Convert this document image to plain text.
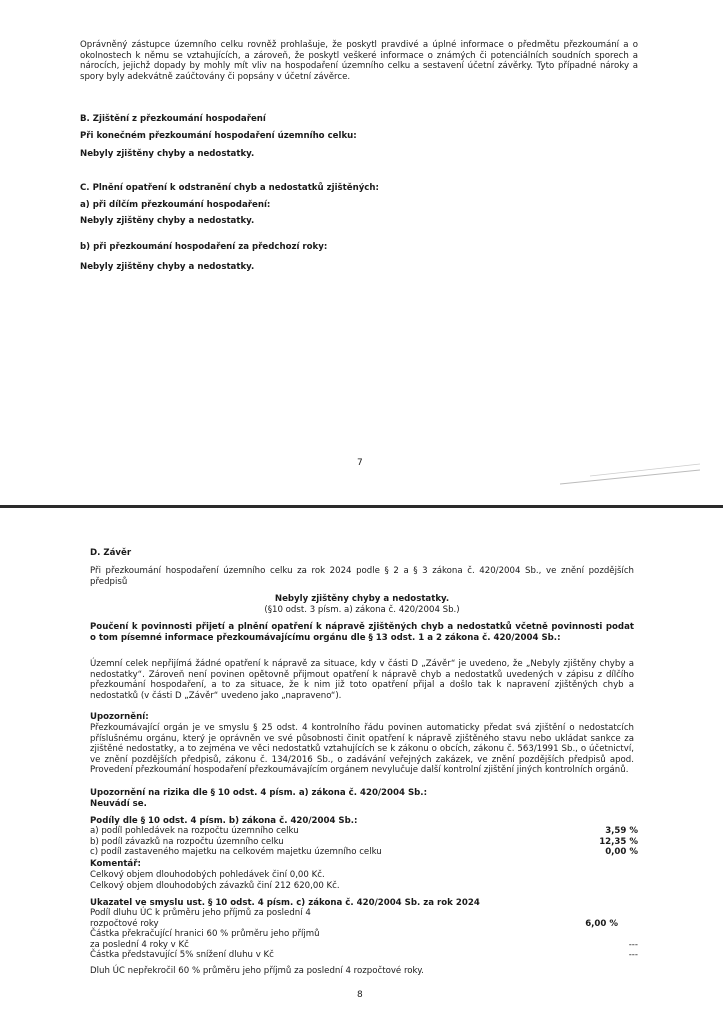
Oprávněný zástupce územního celku rovněž prohlašuje, že poskytl pravdivé a úplné informace o předmětu přezkoumání a o okolnostech k němu se vztahujících, a zároveň, že poskytl veškeré informace o známých či potenciálních soudních sporech a nárocích, jejichž dopady by mohly mít vliv na hospodaření územního celku a sestavení účetní závěrky. Tyto případné nároky a spory byly adekvátně zaúčtovány či popsány v účetní závěrce.
B. Zjištění z přezkoumání hospodaření
Při konečném přezkoumání hospodaření územního celku:
Nebyly zjištěny chyby a nedostatky.
C. Plnění opatření k odstranění chyb a nedostatků zjištěných:
a) při dílčím přezkoumání hospodaření:
Nebyly zjištěny chyby a nedostatky.
b) při přezkoumání hospodaření za předchozí roky:
Nebyly zjištěny chyby a nedostatky.
7
D. Závěr
Při přezkoumání hospodaření územního celku za rok 2024 podle § 2 a § 3 zákona č. 420/2004 Sb., ve znění pozdějších předpisů
Nebyly zjištěny chyby a nedostatky.
(§10 odst. 3 písm. a) zákona č. 420/2004 Sb.)
Poučení k povinnosti přijetí a plnění opatření k nápravě zjištěných chyb a nedostatků včetně povinnosti podat o tom písemné informace přezkoumávajícímu orgánu dle § 13 odst. 1 a 2 zákona č. 420/2004 Sb.:
Územní celek nepřijímá žádné opatření k nápravě za situace, kdy v části D „Závěr“ je uvedeno, že „Nebyly zjištěny chyby a nedostatky“. Zároveň není povinen opětovně přijmout opatření k nápravě chyb a nedostatků uvedených v zápisu z dílčího přezkoumání hospodaření, a to za situace, že k nim již toto opatření přijal a došlo tak k napravení zjištěných chyb a nedostatků (v části D „Závěr“ uvedeno jako „napraveno“).
Upozornění:
Přezkoumávající orgán je ve smyslu § 25 odst. 4 kontrolního řádu povinen automaticky předat svá zjištění o nedostatcích příslušnému orgánu, který je oprávněn ve své působnosti činit opatření k nápravě zjištěného stavu nebo ukládat sankce za zjištěné nedostatky, a to zejména ve věci nedostatků vztahujících se k zákonu o obcích, zákonu č. 563/1991 Sb., o účetnictví, ve znění pozdějších předpisů, zákonu č. 134/2016 Sb., o zadávání veřejných zakázek, ve znění pozdějších předpisů apod. Provedení přezkoumání hospodaření přezkoumávajícím orgánem nevylučuje další kontrolní zjištění jiných kontrolních orgánů.
Upozornění na rizika dle § 10 odst. 4 písm. a) zákona č. 420/2004 Sb.:
Neuvádí se.
Podíly dle § 10 odst. 4 písm. b) zákona č. 420/2004 Sb.:
a) podíl pohledávek na rozpočtu územního celku	3,59 %
b) podíl závazků na rozpočtu územního celku	12,35 %
c) podíl zastaveného majetku na celkovém majetku územního celku	0,00 %
Komentář:
Celkový objem dlouhodobých pohledávek činí 0,00 Kč.
Celkový objem dlouhodobých závazků činí 212 620,00 Kč.
Ukazatel ve smyslu ust. § 10 odst. 4 písm. c) zákona č. 420/2004 Sb. za rok 2024
Podíl dluhu ÚC k průměru jeho příjmů za poslední 4
rozpočtové roky	6,00 %
Částka překračující hranici 60 % průměru jeho příjmů
za poslední 4 roky v Kč	---
Částka představující 5% snížení dluhu v Kč	---
Dluh ÚC nepřekročil 60 % průměru jeho příjmů za poslední 4 rozpočtové roky.
8
